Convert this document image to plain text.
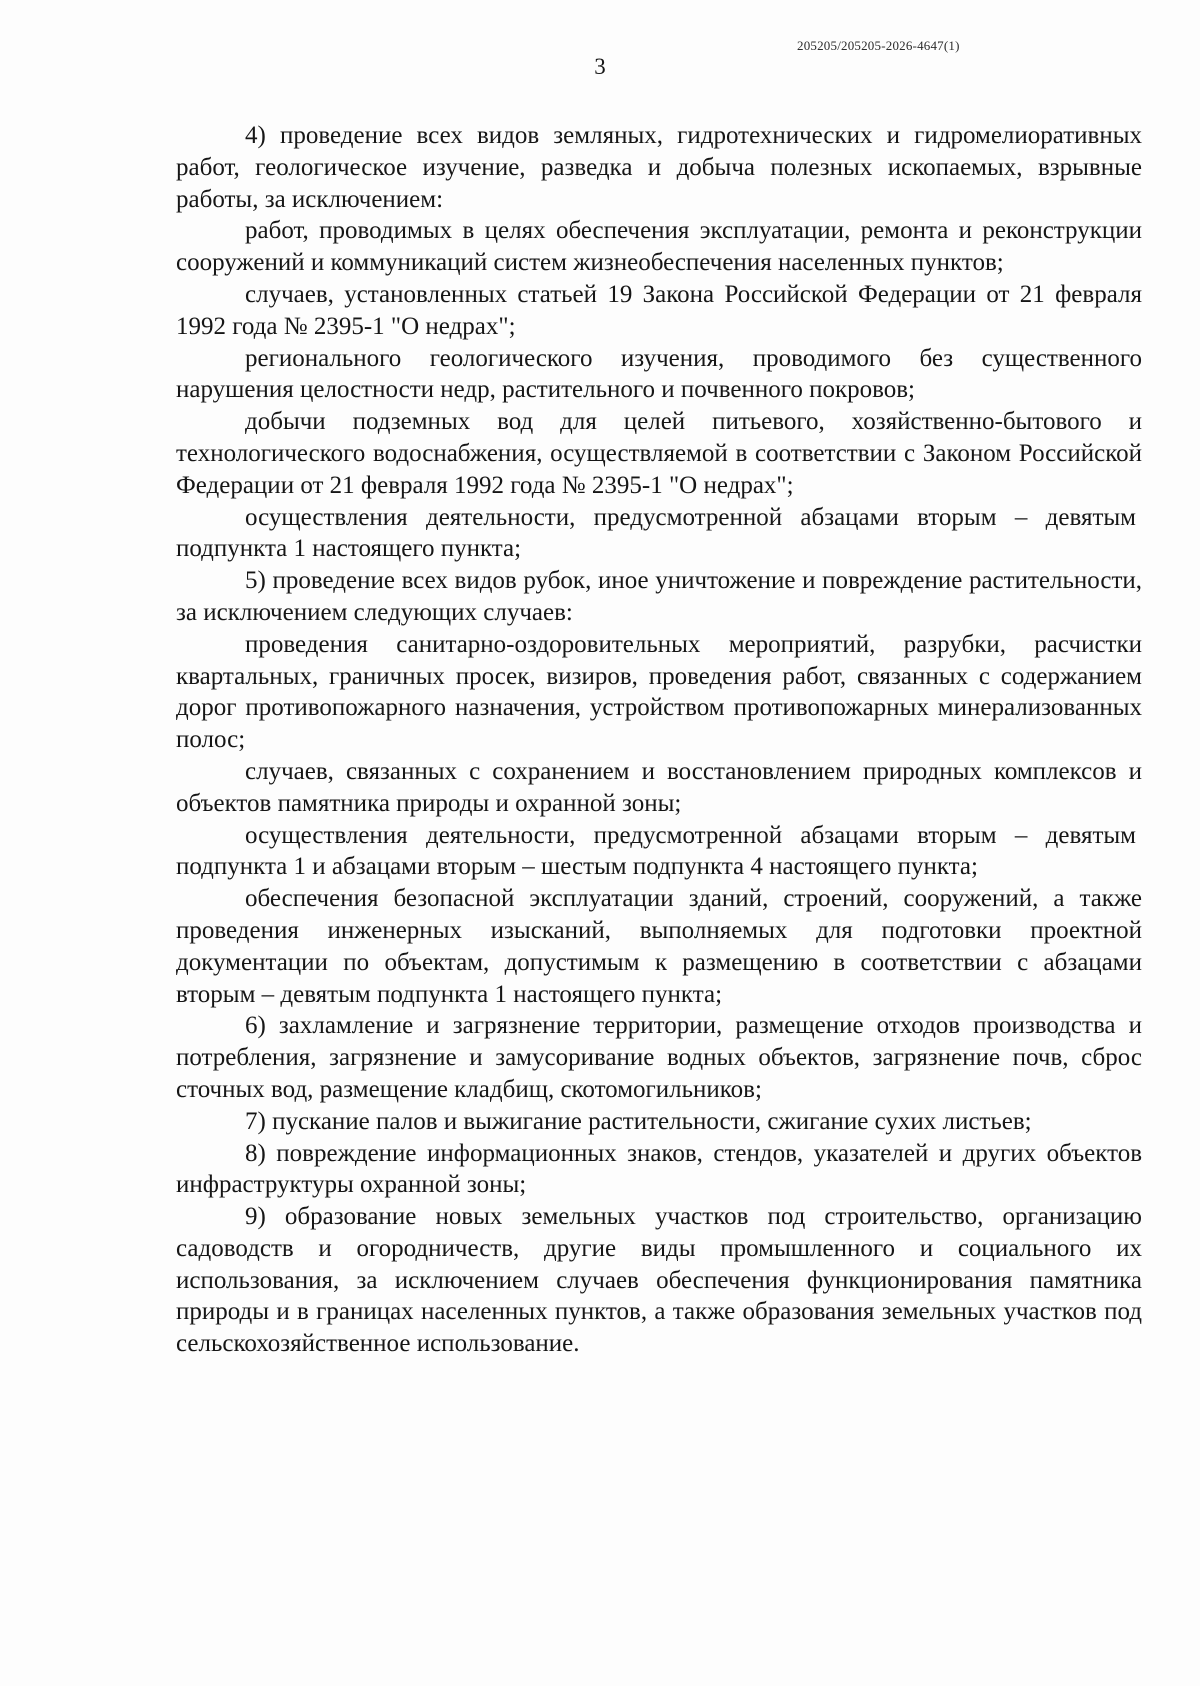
205205/205205-2026-4647(1)
3

4) проведение всех видов земляных, гидротехнических и гидромелиоративных работ, геологическое изучение, разведка и добыча полезных ископаемых, взрывные работы, за исключением:

работ, проводимых в целях обеспечения эксплуатации, ремонта и реконструкции сооружений и коммуникаций систем жизнеобеспечения населенных пунктов;

случаев, установленных статьей 19 Закона Российской Федерации от 21 февраля 1992 года № 2395-1 "О недрах";

регионального геологического изучения, проводимого без существенного нарушения целостности недр, растительного и почвенного покровов;

добычи подземных вод для целей питьевого, хозяйственно-бытового и технологического водоснабжения, осуществляемой в соответствии с Законом Российской Федерации от 21 февраля 1992 года № 2395-1 "О недрах";

осуществления деятельности, предусмотренной абзацами вторым – девятым подпункта 1 настоящего пункта;

5) проведение всех видов рубок, иное уничтожение и повреждение растительности, за исключением следующих случаев:

проведения санитарно-оздоровительных мероприятий, разрубки, расчистки квартальных, граничных просек, визиров, проведения работ, связанных с содержанием дорог противопожарного назначения, устройством противопожарных минерализованных полос;

случаев, связанных с сохранением и восстановлением природных комплексов и объектов памятника природы и охранной зоны;

осуществления деятельности, предусмотренной абзацами вторым – девятым подпункта 1 и абзацами вторым – шестым подпункта 4 настоящего пункта;

обеспечения безопасной эксплуатации зданий, строений, сооружений, а также проведения инженерных изысканий, выполняемых для подготовки проектной документации по объектам, допустимым к размещению в соответствии с абзацами вторым – девятым подпункта 1 настоящего пункта;

6) захламление и загрязнение территории, размещение отходов производства и потребления, загрязнение и замусоривание водных объектов, загрязнение почв, сброс сточных вод, размещение кладбищ, скотомогильников;

7) пускание палов и выжигание растительности, сжигание сухих листьев;

8) повреждение информационных знаков, стендов, указателей и других объектов инфраструктуры охранной зоны;

9) образование новых земельных участков под строительство, организацию садоводств и огородничеств, другие виды промышленного и социального их использования, за исключением случаев обеспечения функционирования памятника природы и в границах населенных пунктов, а также образования земельных участков под сельскохозяйственное использование.
